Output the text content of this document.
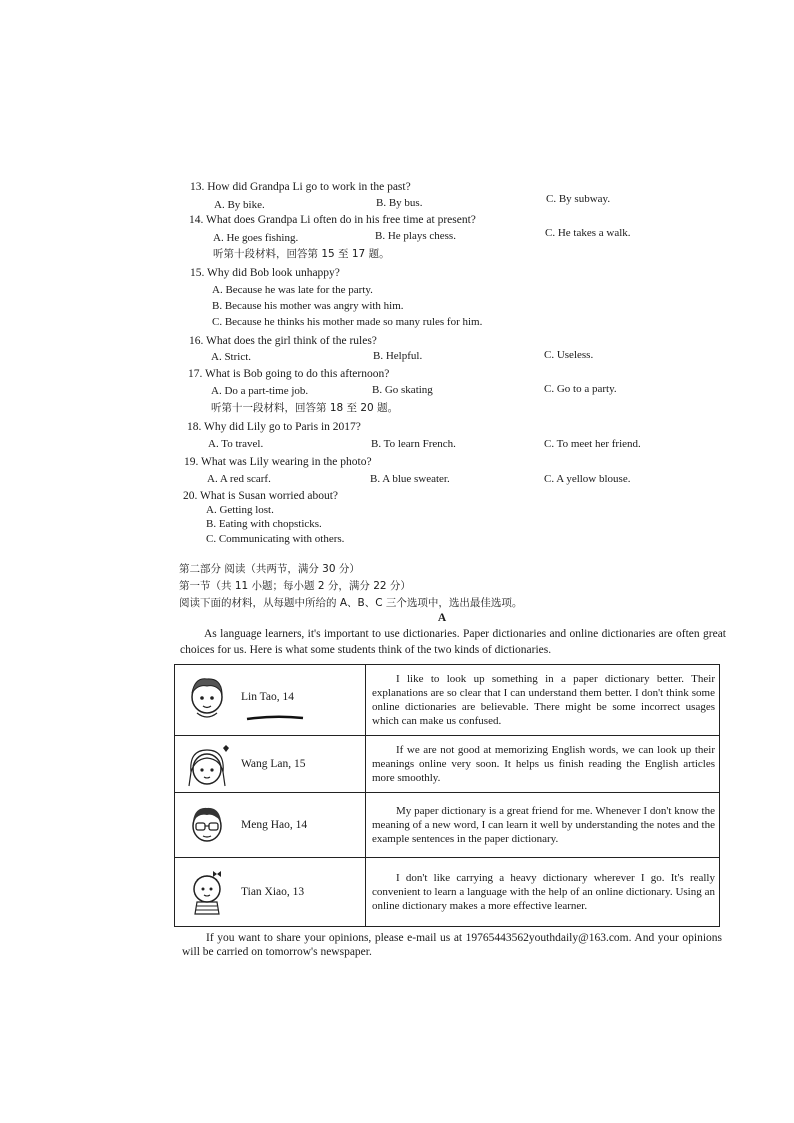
13. How did Grandpa Li go to work in the past?
A. By bike.	B. By bus.	C. By subway.
14. What does Grandpa Li often do in his free time at present?
A. He goes fishing.	B. He plays chess.	C. He takes a walk.
听第十段材料，回答第 15 至 17 题。
15. Why did Bob look unhappy?
A. Because he was late for the party.
B. Because his mother was angry with him.
C. Because he thinks his mother made so many rules for him.
16. What does the girl think of the rules?
A. Strict.	B. Helpful.	C. Useless.
17. What is Bob going to do this afternoon?
A. Do a part-time job.	B. Go skating	C. Go to a party.
听第十一段材料，回答第 18 至 20 题。
18. Why did Lily go to Paris in 2017?
A. To travel.	B. To learn French.	C. To meet her friend.
19. What was Lily wearing in the photo?
A. A red scarf.	B. A blue sweater.	C. A yellow blouse.
20. What is Susan worried about?
A. Getting lost.
B. Eating with chopsticks.
C. Communicating with others.
第二部分 阅读（共两节，满分 30 分）
第一节（共 11 小题；每小题 2 分，满分 22 分）
阅读下面的材料，从每题中所给的 A、B、C 三个选项中，选出最佳选项。
A
As language learners, it's important to use dictionaries. Paper dictionaries and online dictionaries are often great choices for us. Here is what some students think of the two kinds of dictionaries.
Lin Tao, 14	I like to look up something in a paper dictionary better. Their explanations are so clear that I can understand them better. I don't think some online dictionaries are believable. There might be some incorrect usages which can make us confused.

Wang Lan, 15	If we are not good at memorizing English words, we can look up their meanings online very soon. It helps us finish reading the English articles more smoothly.

Meng Hao, 14	My paper dictionary is a great friend for me. Whenever I don't know the meaning of a new word, I can learn it well by understanding the notes and the example sentences in the paper dictionary.

Tian Xiao, 13	I don't like carrying a heavy dictionary wherever I go. It's really convenient to learn a language with the help of an online dictionary. Using an online dictionary makes a more effective learner.
If you want to share your opinions, please e-mail us at 19765443562youthdaily@163.com. And your opinions will be carried on tomorrow's newspaper.
